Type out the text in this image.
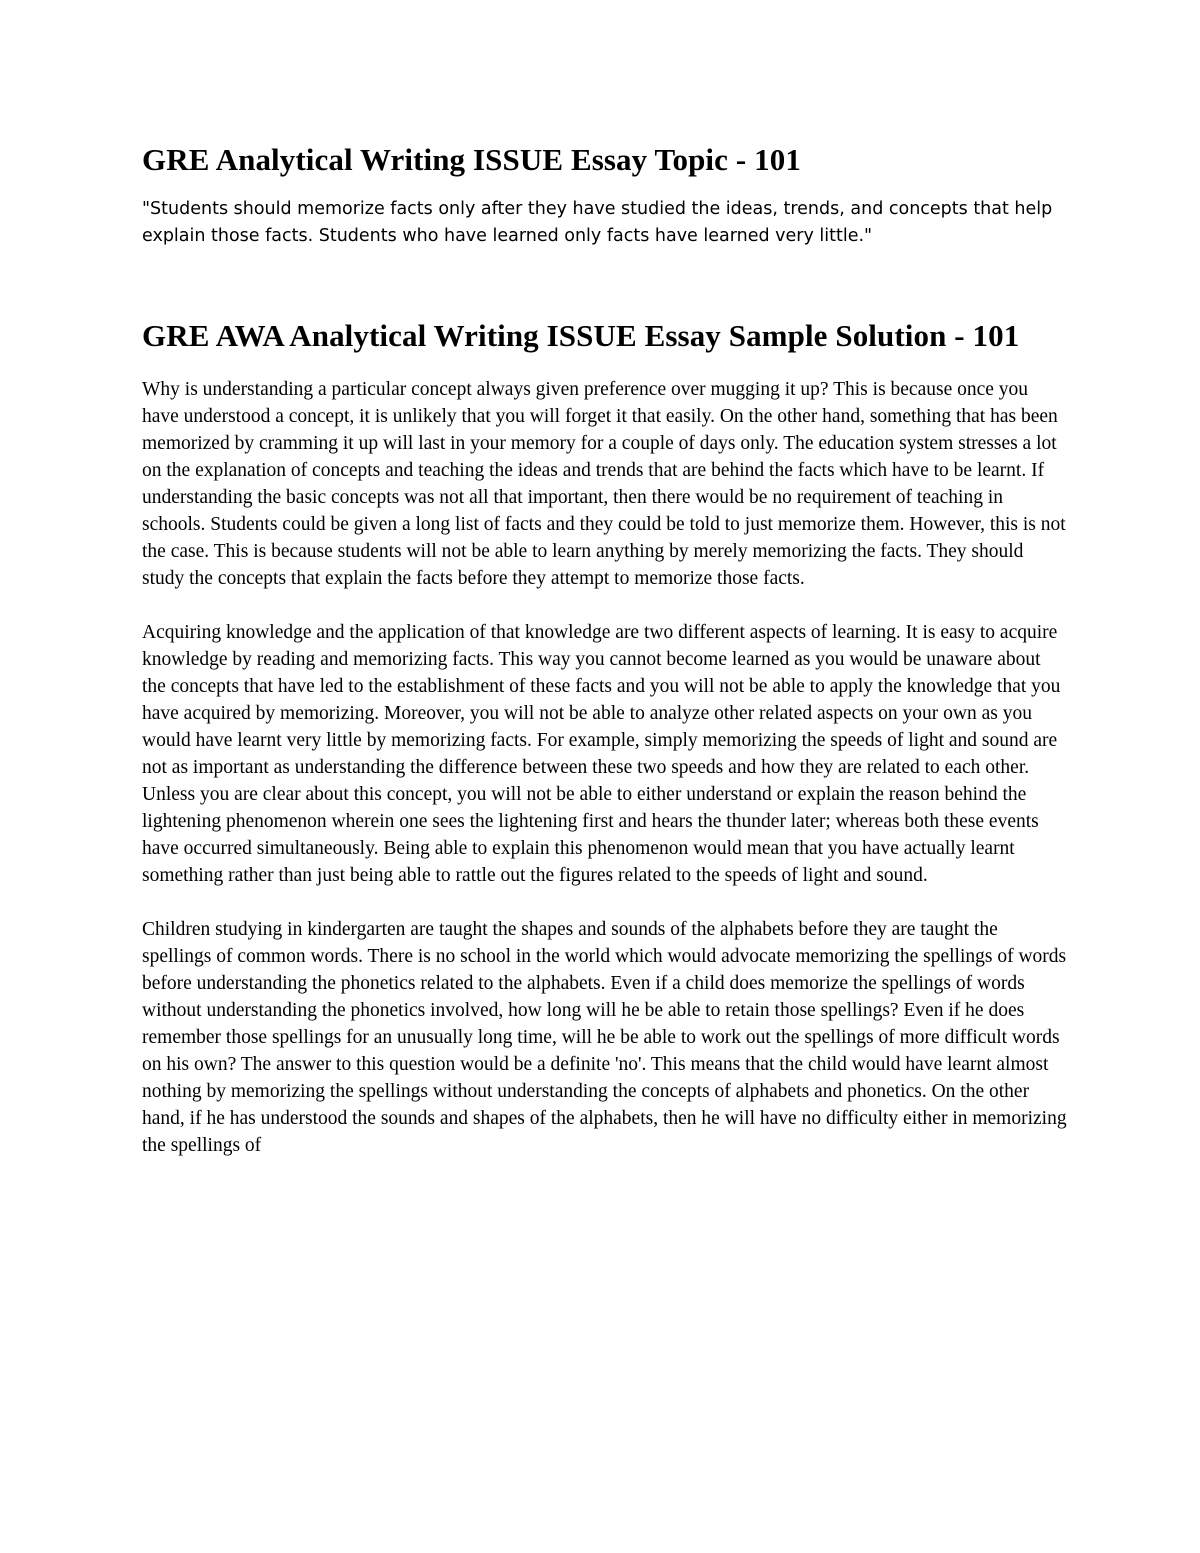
GRE Analytical Writing ISSUE Essay Topic - 101

"Students should memorize facts only after they have studied the ideas, trends, and concepts that help explain those facts. Students who have learned only facts have learned very little."

GRE AWA Analytical Writing ISSUE Essay Sample Solution - 101

Why is understanding a particular concept always given preference over mugging it up? This is because once you have understood a concept, it is unlikely that you will forget it that easily. On the other hand, something that has been memorized by cramming it up will last in your memory for a couple of days only. The education system stresses a lot on the explanation of concepts and teaching the ideas and trends that are behind the facts which have to be learnt. If understanding the basic concepts was not all that important, then there would be no requirement of teaching in schools. Students could be given a long list of facts and they could be told to just memorize them. However, this is not the case. This is because students will not be able to learn anything by merely memorizing the facts. They should study the concepts that explain the facts before they attempt to memorize those facts.

Acquiring knowledge and the application of that knowledge are two different aspects of learning. It is easy to acquire knowledge by reading and memorizing facts. This way you cannot become learned as you would be unaware about the concepts that have led to the establishment of these facts and you will not be able to apply the knowledge that you have acquired by memorizing. Moreover, you will not be able to analyze other related aspects on your own as you would have learnt very little by memorizing facts. For example, simply memorizing the speeds of light and sound are not as important as understanding the difference between these two speeds and how they are related to each other. Unless you are clear about this concept, you will not be able to either understand or explain the reason behind the lightening phenomenon wherein one sees the lightening first and hears the thunder later; whereas both these events have occurred simultaneously. Being able to explain this phenomenon would mean that you have actually learnt something rather than just being able to rattle out the figures related to the speeds of light and sound.

Children studying in kindergarten are taught the shapes and sounds of the alphabets before they are taught the spellings of common words. There is no school in the world which would advocate memorizing the spellings of words before understanding the phonetics related to the alphabets. Even if a child does memorize the spellings of words without understanding the phonetics involved, how long will he be able to retain those spellings? Even if he does remember those spellings for an unusually long time, will he be able to work out the spellings of more difficult words on his own? The answer to this question would be a definite 'no'. This means that the child would have learnt almost nothing by memorizing the spellings without understanding the concepts of alphabets and phonetics. On the other hand, if he has understood the sounds and shapes of the alphabets, then he will have no difficulty either in memorizing the spellings of
